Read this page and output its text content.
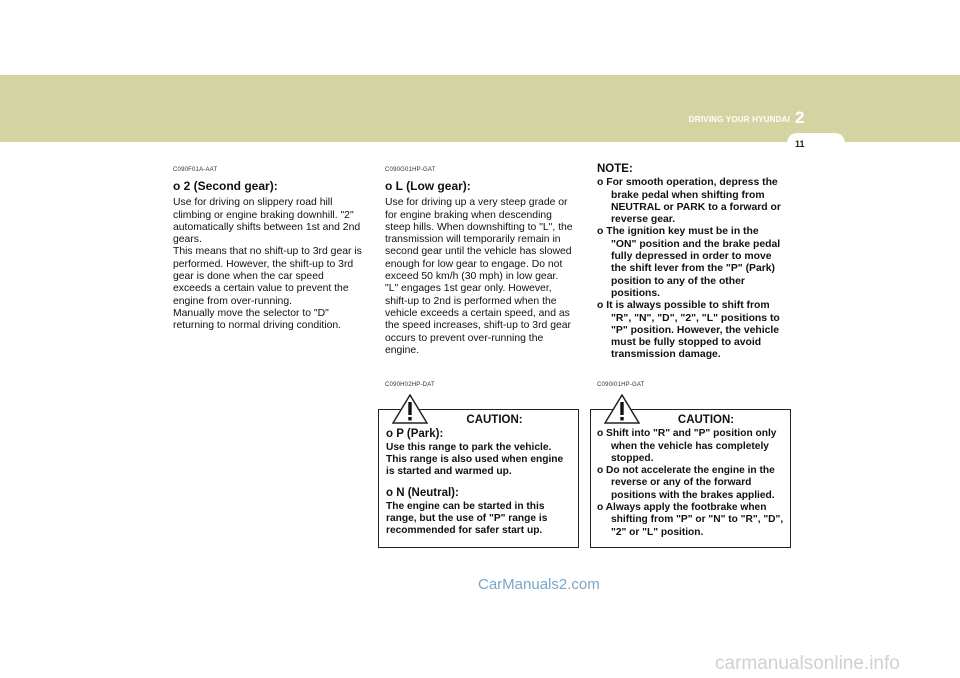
DRIVING YOUR HYUNDAI 2
11
C090F01A-AAT
o 2 (Second gear):

Use for driving on slippery road hill climbing or engine braking downhill. "2" automatically shifts between 1st and 2nd gears.

This means that no shift-up to 3rd gear is performed. However, the shift-up to 3rd gear is done when the car speed exceeds a certain value to prevent the engine from over-running.

Manually move the selector to "D" returning to normal driving condition.

C090G01HP-GAT
o L (Low gear):

Use for driving up a very steep grade or for engine braking when descending steep hills. When downshifting to "L", the transmission will temporarily remain in second gear until the vehicle has slowed enough for low gear to engage. Do not exceed 50 km/h (30 mph) in low gear.

"L" engages 1st gear only. However, shift-up to 2nd is performed when the vehicle exceeds a certain speed, and as the speed increases, shift-up to 3rd gear occurs to prevent over-running the engine.

C090H02HP-DAT
CAUTION:
o P (Park):
Use this range to park the vehicle. This range is also used when engine is started and warmed up.
o N (Neutral):
The engine can be started in this range, but the use of "P" range is recommended for safer start up.
NOTE:

o For smooth operation, depress the brake pedal when shifting from NEUTRAL or PARK to a forward or reverse gear.

o The ignition key must be in the "ON" position and the brake pedal fully depressed in order to move the shift lever from the "P" (Park) position to any of the other positions.

o It is always possible to shift from "R", "N", "D", "2", "L" positions to "P" position. However, the vehicle must be fully stopped to avoid transmission damage.

C090I01HP-GAT
CAUTION:

o Shift into "R" and "P" position only when the vehicle has completely stopped.

o Do not accelerate the engine in the reverse or any of the forward positions with the brakes applied.

o Always apply the footbrake when shifting from "P" or "N" to "R", "D", "2" or "L" position.

CarManuals2.com
carmanualsonline.info
